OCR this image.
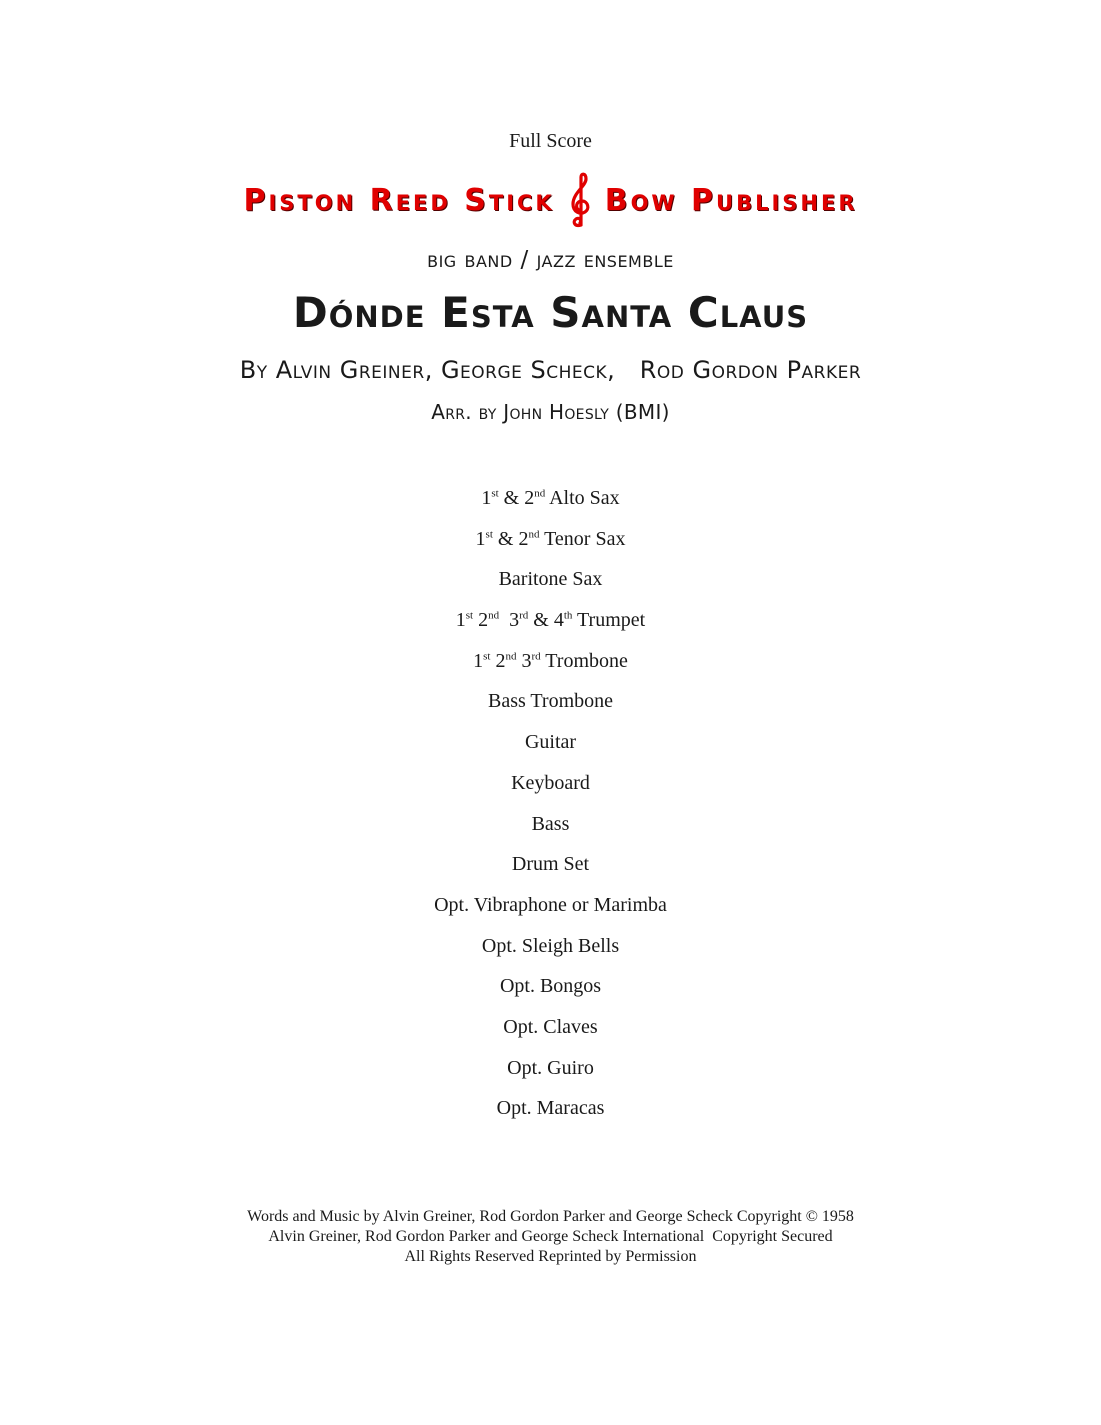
Full Score
Piston Reed Stick Bow Publisher
big band / jazz ensemble
Dónde Esta Santa Claus
By Alvin Greiner, George Scheck,   Rod Gordon Parker
Arr. by John Hoesly (BMI)
1st & 2nd Alto Sax
1st & 2nd Tenor Sax
Baritone Sax
1st 2nd 3rd & 4th Trumpet
1st 2nd 3rd Trombone
Bass Trombone
Guitar
Keyboard
Bass
Drum Set
Opt. Vibraphone or Marimba
Opt. Sleigh Bells
Opt. Bongos
Opt. Claves
Opt. Guiro
Opt. Maracas
Words and Music by Alvin Greiner, Rod Gordon Parker and George Scheck Copyright © 1958
Alvin Greiner, Rod Gordon Parker and George Scheck International  Copyright Secured
All Rights Reserved Reprinted by Permission
